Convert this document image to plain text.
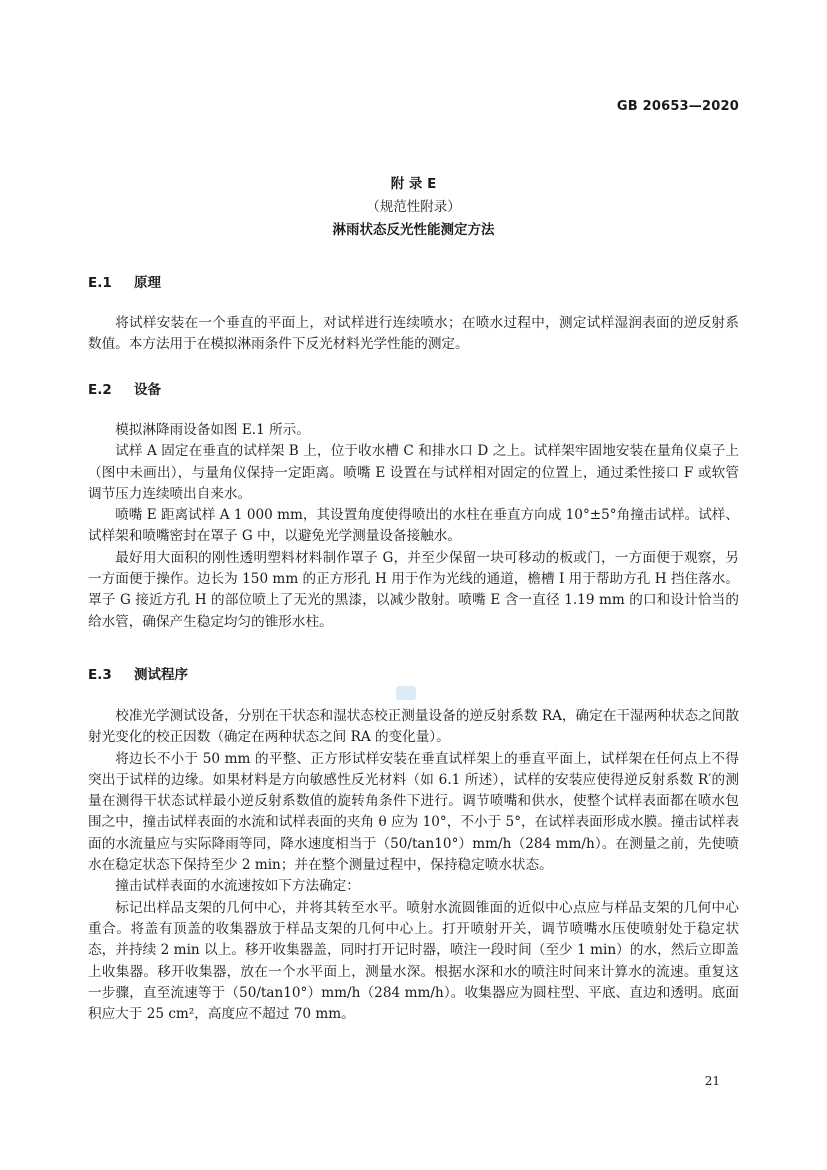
GB 20653—2020
附 录 E
（规范性附录）
淋雨状态反光性能测定方法
E.1 原理

将试样安装在一个垂直的平面上，对试样进行连续喷水；在喷水过程中，测定试样湿润表面的逆反射系数值。本方法用于在模拟淋雨条件下反光材料光学性能的测定。

E.2 设备

模拟淋降雨设备如图 E.1 所示。

试样 A 固定在垂直的试样架 B 上，位于收水槽 C 和排水口 D 之上。试样架牢固地安装在量角仪桌子上（图中未画出），与量角仪保持一定距离。喷嘴 E 设置在与试样相对固定的位置上，通过柔性接口 F 或软管调节压力连续喷出自来水。

喷嘴 E 距离试样 A 1 000 mm，其设置角度使得喷出的水柱在垂直方向成 10°±5°角撞击试样。试样、试样架和喷嘴密封在罩子 G 中，以避免光学测量设备接触水。

最好用大面积的刚性透明塑料材料制作罩子 G，并至少保留一块可移动的板或门，一方面便于观察，另一方面便于操作。边长为 150 mm 的正方形孔 H 用于作为光线的通道，檐槽 I 用于帮助方孔 H 挡住落水。罩子 G 接近方孔 H 的部位喷上了无光的黑漆，以减少散射。喷嘴 E 含一直径 1.19 mm 的口和设计恰当的给水管，确保产生稳定均匀的锥形水柱。

E.3 测试程序

校准光学测试设备，分别在干状态和湿状态校正测量设备的逆反射系数 RA，确定在干湿两种状态之间散射光变化的校正因数（确定在两种状态之间 RA 的变化量）。

将边长不小于 50 mm 的平整、正方形试样安装在垂直试样架上的垂直平面上，试样架在任何点上不得突出于试样的边缘。如果材料是方向敏感性反光材料（如 6.1 所述），试样的安装应使得逆反射系数 R′的测量在测得干状态试样最小逆反射系数值的旋转角条件下进行。调节喷嘴和供水，使整个试样表面都在喷水包围之中，撞击试样表面的水流和试样表面的夹角 θ 应为 10°，不小于 5°，在试样表面形成水膜。撞击试样表面的水流量应与实际降雨等同，降水速度相当于（50/tan10°）mm/h（284 mm/h）。在测量之前，先使喷水在稳定状态下保持至少 2 min；并在整个测量过程中，保持稳定喷水状态。

撞击试样表面的水流速按如下方法确定：

标记出样品支架的几何中心，并将其转至水平。喷射水流圆锥面的近似中心点应与样品支架的几何中心重合。将盖有顶盖的收集器放于样品支架的几何中心上。打开喷射开关，调节喷嘴水压使喷射处于稳定状态，并持续 2 min 以上。移开收集器盖，同时打开记时器，喷注一段时间（至少 1 min）的水，然后立即盖上收集器。移开收集器，放在一个水平面上，测量水深。根据水深和水的喷注时间来计算水的流速。重复这一步骤，直至流速等于（50/tan10°）mm/h（284 mm/h）。收集器应为圆柱型、平底、直边和透明。底面积应大于 25 cm²，高度应不超过 70 mm。

21
